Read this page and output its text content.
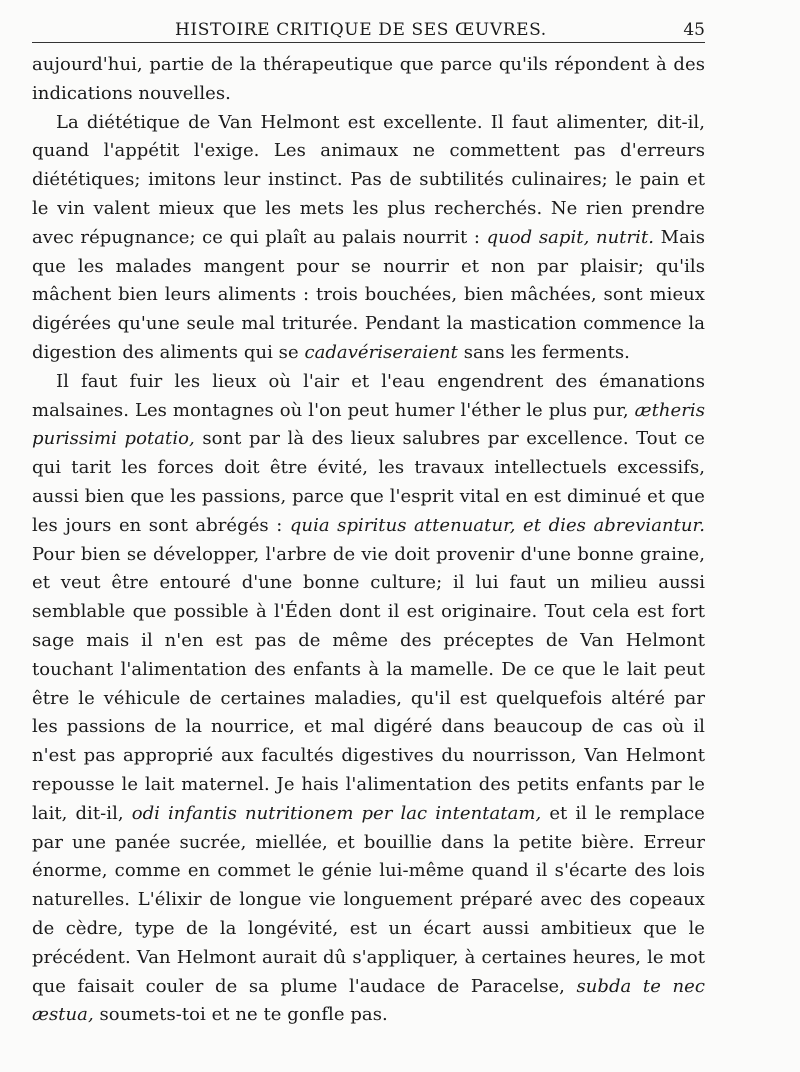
HISTOIRE CRITIQUE DE SES ŒUVRES.	45

aujourd'hui, partie de la thérapeutique que parce qu'ils répondent à des indications nouvelles.

La diététique de Van Helmont est excellente. Il faut alimenter, dit-il, quand l'appétit l'exige. Les animaux ne commettent pas d'erreurs diététiques; imitons leur instinct. Pas de subtilités culinaires; le pain et le vin valent mieux que les mets les plus recherchés. Ne rien prendre avec répugnance; ce qui plaît au palais nourrit : quod sapit, nutrit. Mais que les malades mangent pour se nourrir et non par plaisir; qu'ils mâchent bien leurs aliments : trois bouchées, bien mâchées, sont mieux digérées qu'une seule mal triturée. Pendant la mastication commence la digestion des aliments qui se cadavériseraient sans les ferments.

Il faut fuir les lieux où l'air et l'eau engendrent des émanations malsaines. Les montagnes où l'on peut humer l'éther le plus pur, ætheris purissimi potatio, sont par là des lieux salubres par excellence. Tout ce qui tarit les forces doit être évité, les travaux intellectuels excessifs, aussi bien que les passions, parce que l'esprit vital en est diminué et que les jours en sont abrégés : quia spiritus attenuatur, et dies abreviantur. Pour bien se développer, l'arbre de vie doit provenir d'une bonne graine, et veut être entouré d'une bonne culture; il lui faut un milieu aussi semblable que possible à l'Éden dont il est originaire. Tout cela est fort sage mais il n'en est pas de même des préceptes de Van Helmont touchant l'alimentation des enfants à la mamelle. De ce que le lait peut être le véhicule de certaines maladies, qu'il est quelquefois altéré par les passions de la nourrice, et mal digéré dans beaucoup de cas où il n'est pas approprié aux facultés digestives du nourrisson, Van Helmont repousse le lait maternel. Je hais l'alimentation des petits enfants par le lait, dit-il, odi infantis nutritionem per lac intentatam, et il le remplace par une panée sucrée, miellée, et bouillie dans la petite bière. Erreur énorme, comme en commet le génie lui-même quand il s'écarte des lois naturelles. L'élixir de longue vie longuement préparé avec des copeaux de cèdre, type de la longévité, est un écart aussi ambitieux que le précédent. Van Helmont aurait dû s'appliquer, à certaines heures, le mot que faisait couler de sa plume l'audace de Paracelse, subda te nec æstua, soumets-toi et ne te gonfle pas.
